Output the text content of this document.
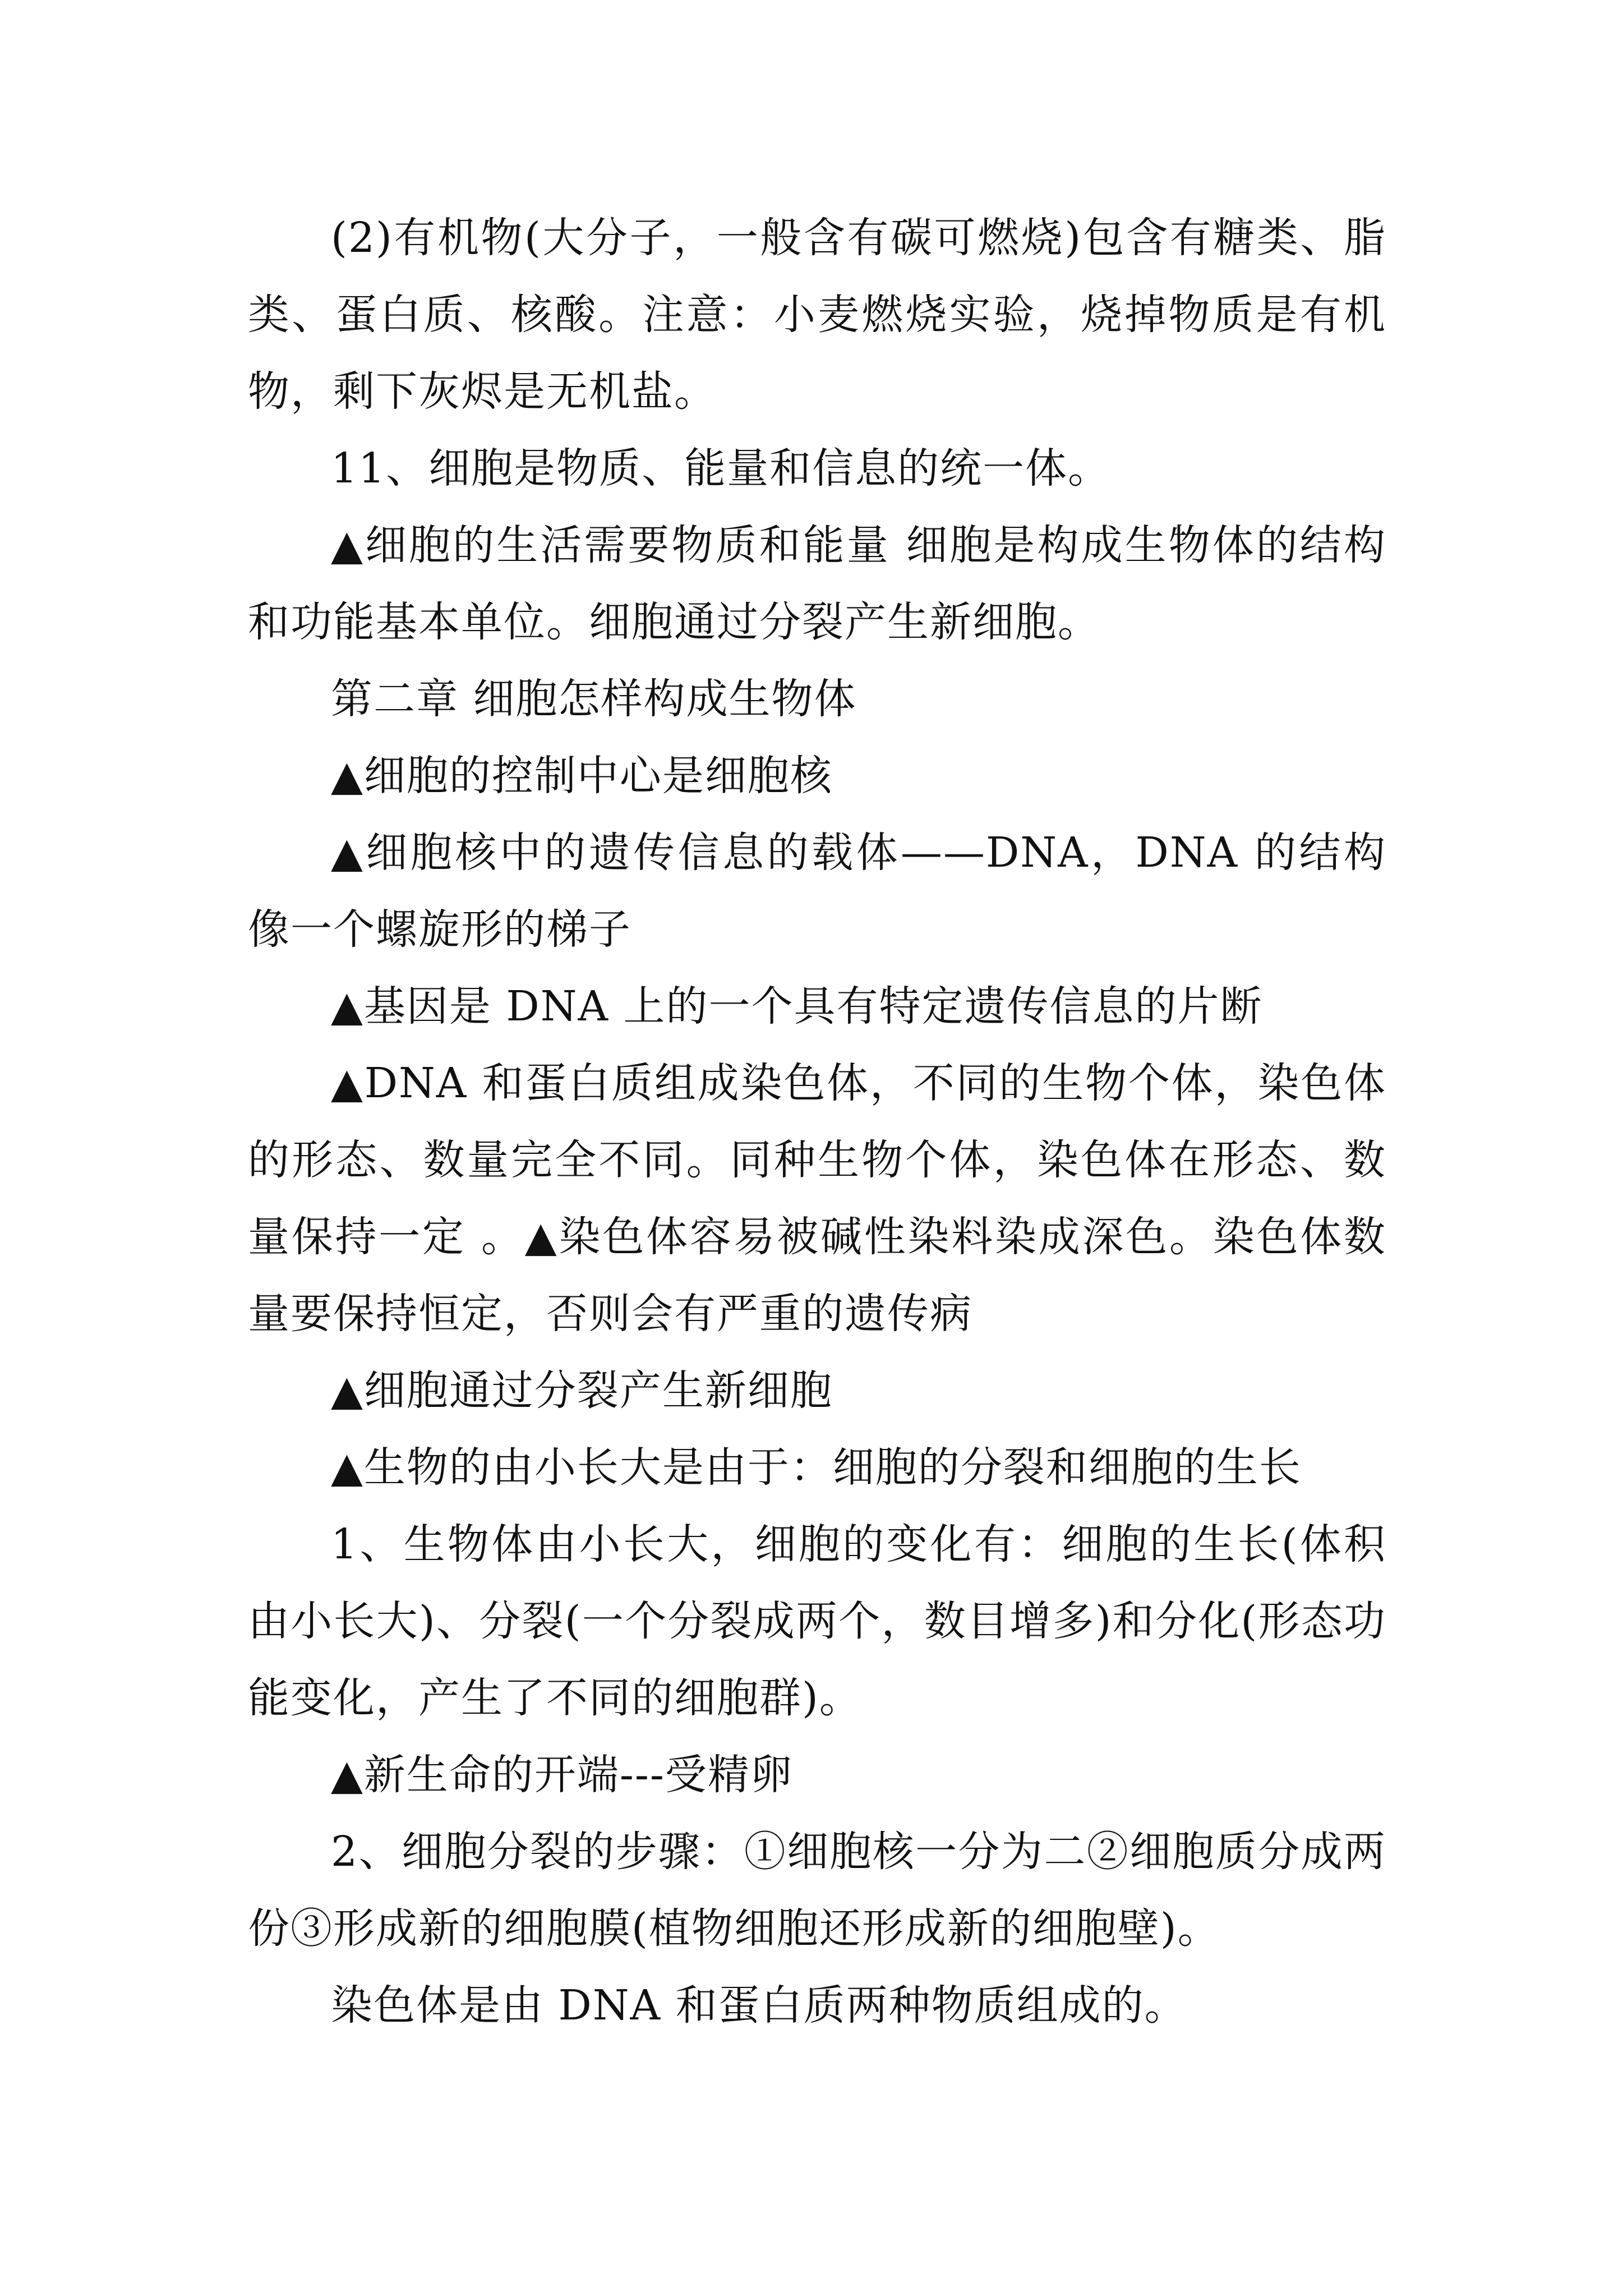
(2)有机物(大分子，一般含有碳可燃烧)包含有糖类、脂类、蛋白质、核酸。注意：小麦燃烧实验，烧掉物质是有机物，剩下灰烬是无机盐。

11、细胞是物质、能量和信息的统一体。

▲细胞的生活需要物质和能量 细胞是构成生物体的结构和功能基本单位。细胞通过分裂产生新细胞。

第二章 细胞怎样构成生物体

▲细胞的控制中心是细胞核

▲细胞核中的遗传信息的载体——DNA，DNA 的结构像一个螺旋形的梯子

▲基因是 DNA 上的一个具有特定遗传信息的片断

▲DNA 和蛋白质组成染色体，不同的生物个体，染色体的形态、数量完全不同。同种生物个体，染色体在形态、数量保持一定 。▲染色体容易被碱性染料染成深色。染色体数量要保持恒定，否则会有严重的遗传病

▲细胞通过分裂产生新细胞

▲生物的由小长大是由于：细胞的分裂和细胞的生长

1、生物体由小长大，细胞的变化有：细胞的生长(体积由小长大)、分裂(一个分裂成两个，数目增多)和分化(形态功能变化，产生了不同的细胞群)。

▲新生命的开端---受精卵

2、细胞分裂的步骤：①细胞核一分为二②细胞质分成两份③形成新的细胞膜(植物细胞还形成新的细胞壁)。

染色体是由 DNA 和蛋白质两种物质组成的。
